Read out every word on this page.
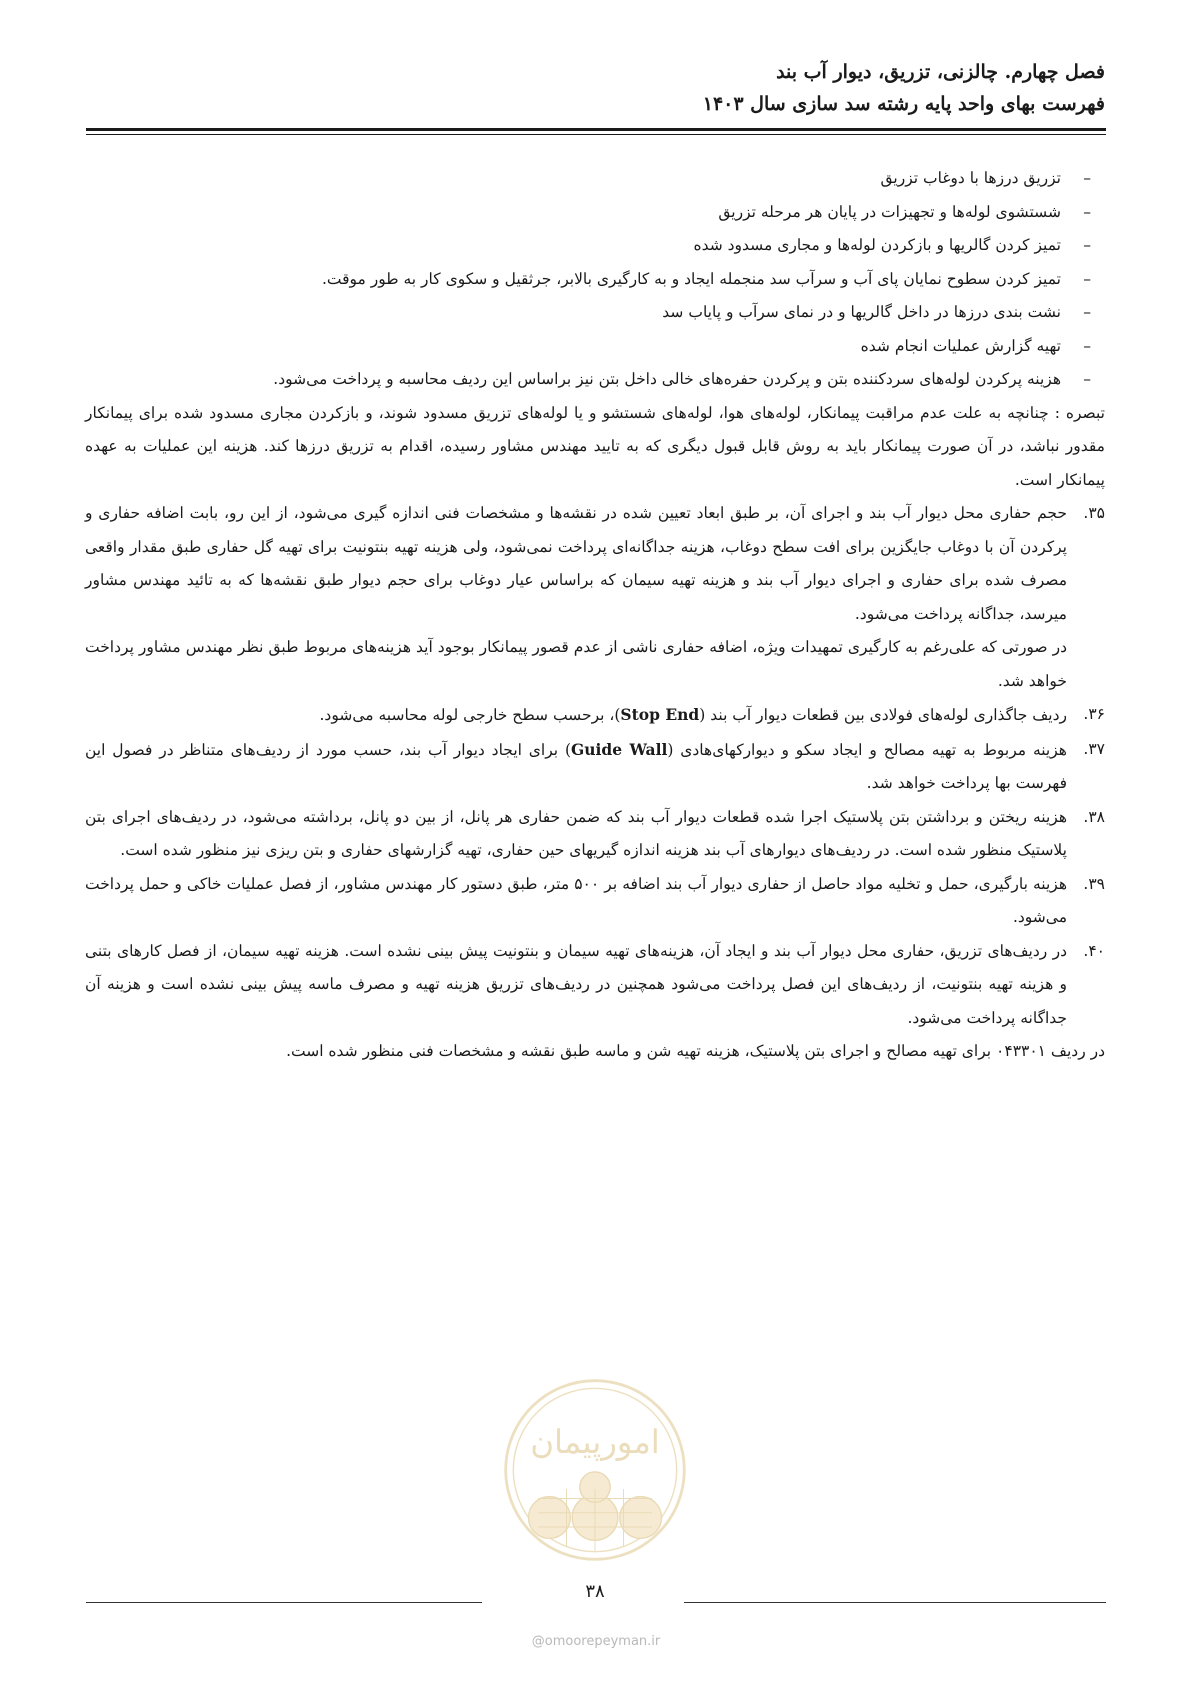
فصل چهارم. چالزنی، تزریق، دیوار آب بند
فهرست بهای واحد پایه رشته سد سازی سال ۱۴۰۳
–
تزریق درزها با دوغاب تزریق
–
شستشوی لوله‌ها و تجهیزات در پایان هر مرحله تزریق
–
تمیز کردن گالریها و بازکردن لوله‌ها و مجاری مسدود شده
–
تمیز کردن سطوح نمایان پای آب و سرآب سد منجمله ایجاد و به کارگیری بالابر، جرثقیل و سکوی کار به طور موقت.
–
نشت بندی درزها در داخل گالریها و در نمای سرآب و پایاب سد
–
تهیه گزارش عملیات انجام شده
–
هزینه پرکردن لوله‌های سردکننده بتن و پرکردن حفره‌های خالی داخل بتن نیز براساس این ردیف محاسبه و پرداخت می‌شود.

تبصره : چنانچه به علت عدم مراقبت پیمانکار، لوله‌های هوا، لوله‌های شستشو و یا لوله‌های تزریق مسدود شوند، و بازکردن مجاری مسدود شده برای پیمانکار مقدور نباشد، در آن صورت پیمانکار باید به روش قابل قبول دیگری که به تایید مهندس مشاور رسیده، اقدام به تزریق درزها کند. هزینه این عملیات به عهده پیمانکار است.

۳۵.
حجم حفاری محل دیوار آب بند و اجرای آن، بر طبق ابعاد تعیین شده در نقشه‌ها و مشخصات فنی اندازه گیری می‌شود، از این رو، بابت اضافه حفاری و پرکردن آن با دوغاب جایگزین برای افت سطح دوغاب، هزینه جداگانه‌ای پرداخت نمی‌شود، ولی هزینه تهیه بنتونیت برای تهیه گل حفاری طبق مقدار واقعی مصرف شده برای حفاری و اجرای دیوار آب بند و هزینه تهیه سیمان که براساس عیار دوغاب برای حجم دیوار طبق نقشه‌ها که به تائید مهندس مشاور میرسد، جداگانه پرداخت می‌شود.

در صورتی که علی‌رغم به کارگیری تمهیدات ویژه، اضافه حفاری ناشی از عدم قصور پیمانکار بوجود آید هزینه‌های مربوط طبق نظر مهندس مشاور پرداخت خواهد شد.

۳۶.
ردیف جاگذاری لوله‌های فولادی بین قطعات دیوار آب بند (Stop End)، برحسب سطح خارجی لوله محاسبه می‌شود.
۳۷.
هزینه مربوط به تهیه مصالح و ایجاد سکو و دیوارکهای‌هادی (Guide Wall) برای ایجاد دیوار آب بند، حسب مورد از ردیف‌های متناظر در فصول این فهرست بها پرداخت خواهد شد.
۳۸.
هزینه ریختن و برداشتن بتن پلاستیک اجرا شده قطعات دیوار آب بند که ضمن حفاری هر پانل، از بین دو پانل، برداشته می‌شود، در ردیف‌های اجرای بتن پلاستیک منظور شده است. در ردیف‌های دیوارهای آب بند هزینه اندازه گیریهای حین حفاری، تهیه گزارشهای حفاری و بتن ریزی نیز منظور شده است.
۳۹.
هزینه بارگیری، حمل و تخلیه مواد حاصل از حفاری دیوار آب بند اضافه بر ۵۰۰ متر، طبق دستور کار مهندس مشاور، از فصل عملیات خاکی و حمل پرداخت می‌شود.
۴۰.
در ردیف‌های تزریق، حفاری محل دیوار آب بند و ایجاد آن، هزینه‌های تهیه سیمان و بنتونیت پیش بینی نشده است. هزینه تهیه سیمان، از فصل کارهای بتنی و هزینه تهیه بنتونیت، از ردیف‌های این فصل پرداخت می‌شود همچنین در ردیف‌های تزریق هزینه تهیه و مصرف ماسه پیش بینی نشده است و هزینه آن جداگانه پرداخت می‌شود.

در ردیف ۰۴۳۳۰۱ برای تهیه مصالح و اجرای بتن پلاستیک، هزینه تهیه شن و ماسه طبق نقشه و مشخصات فنی منظور شده است.

امورپیمان
۳۸
@omoorepeyman.ir
